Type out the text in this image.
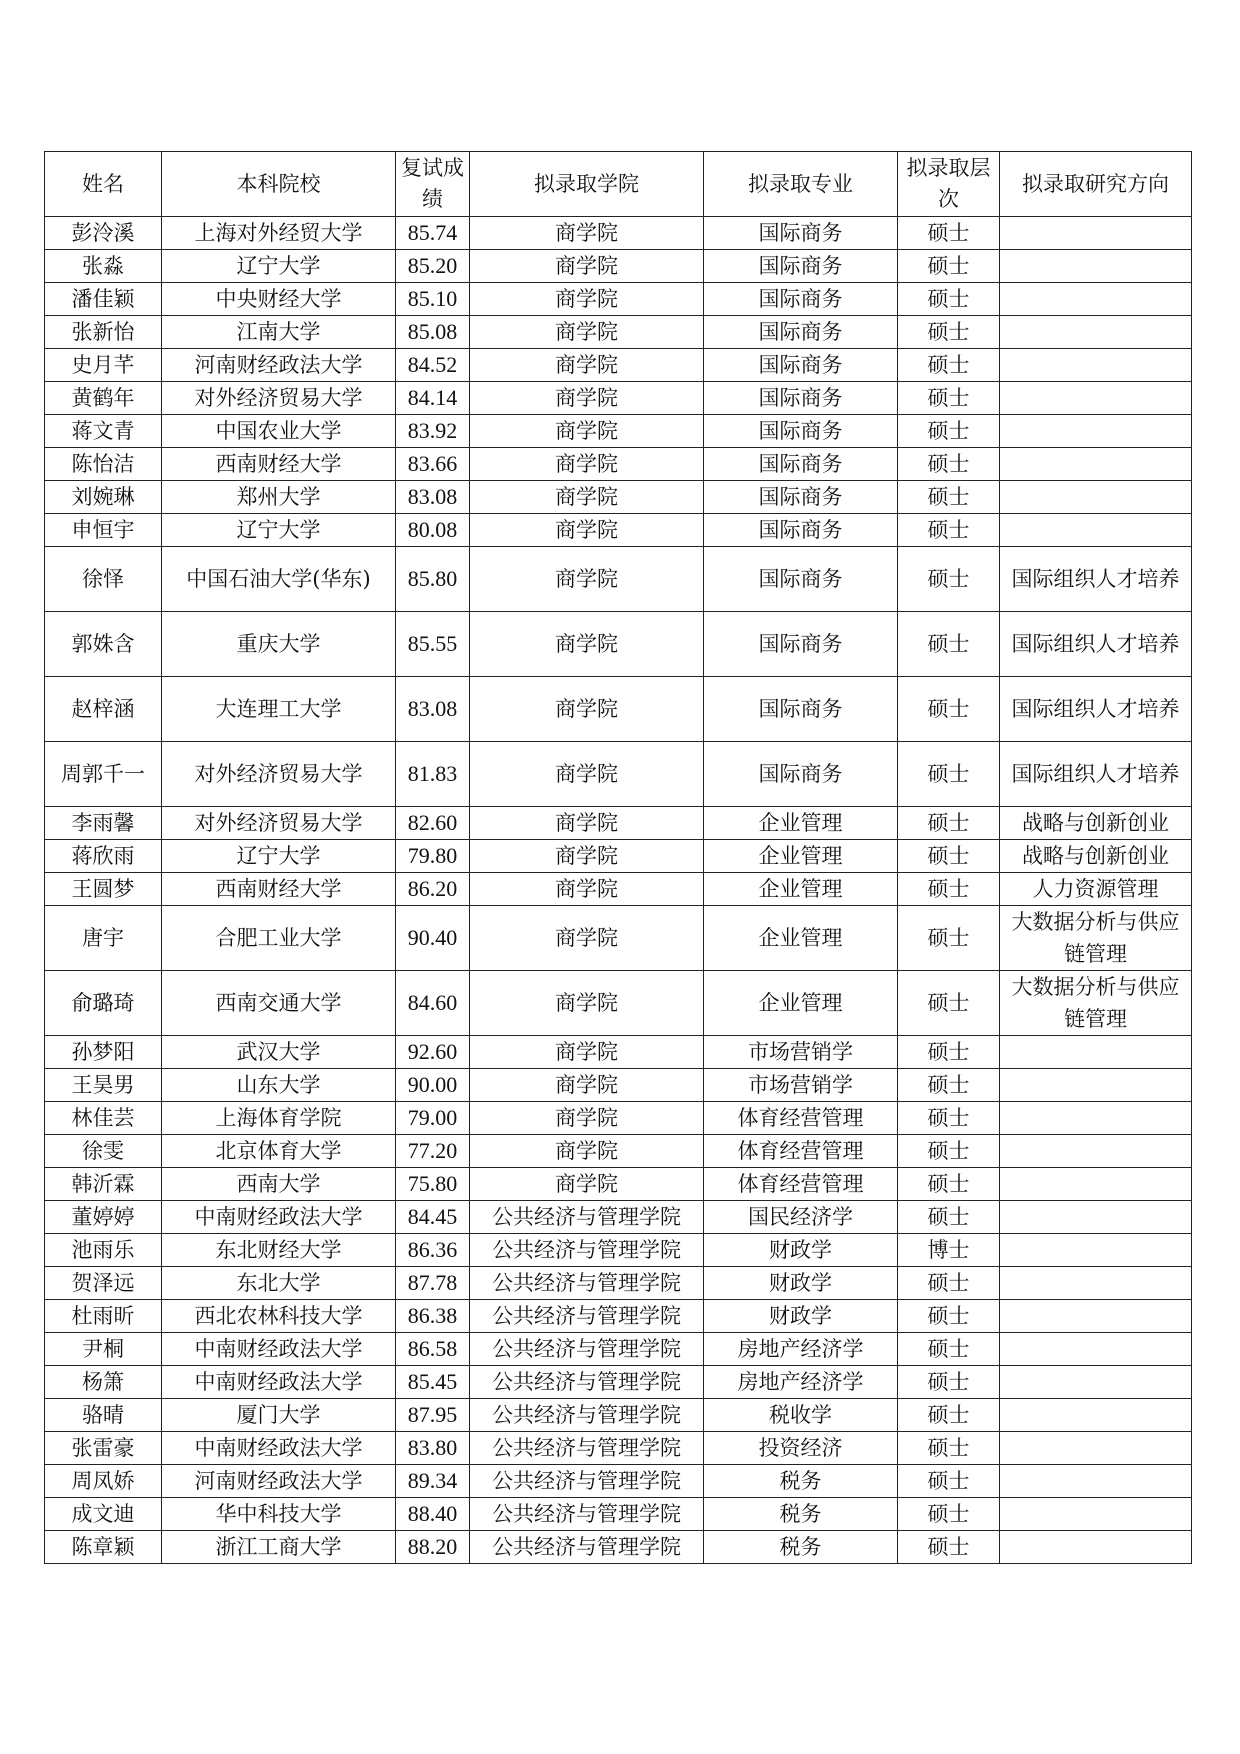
姓名	本科院校	复试成绩	拟录取学院	拟录取专业	拟录取层次	拟录取研究方向
彭泠溪	上海对外经贸大学	85.74	商学院	国际商务	硕士	
张淼	辽宁大学	85.20	商学院	国际商务	硕士	
潘佳颖	中央财经大学	85.10	商学院	国际商务	硕士	
张新怡	江南大学	85.08	商学院	国际商务	硕士	
史月芊	河南财经政法大学	84.52	商学院	国际商务	硕士	
黄鹤年	对外经济贸易大学	84.14	商学院	国际商务	硕士	
蒋文青	中国农业大学	83.92	商学院	国际商务	硕士	
陈怡洁	西南财经大学	83.66	商学院	国际商务	硕士	
刘婉琳	郑州大学	83.08	商学院	国际商务	硕士	
申恒宇	辽宁大学	80.08	商学院	国际商务	硕士	
徐怿	中国石油大学(华东)	85.80	商学院	国际商务	硕士	国际组织人才培养
郭姝含	重庆大学	85.55	商学院	国际商务	硕士	国际组织人才培养
赵梓涵	大连理工大学	83.08	商学院	国际商务	硕士	国际组织人才培养
周郭千一	对外经济贸易大学	81.83	商学院	国际商务	硕士	国际组织人才培养
李雨馨	对外经济贸易大学	82.60	商学院	企业管理	硕士	战略与创新创业
蒋欣雨	辽宁大学	79.80	商学院	企业管理	硕士	战略与创新创业
王圆梦	西南财经大学	86.20	商学院	企业管理	硕士	人力资源管理
唐宇	合肥工业大学	90.40	商学院	企业管理	硕士	大数据分析与供应链管理
俞璐琦	西南交通大学	84.60	商学院	企业管理	硕士	大数据分析与供应链管理
孙梦阳	武汉大学	92.60	商学院	市场营销学	硕士	
王昊男	山东大学	90.00	商学院	市场营销学	硕士	
林佳芸	上海体育学院	79.00	商学院	体育经营管理	硕士	
徐雯	北京体育大学	77.20	商学院	体育经营管理	硕士	
韩沂霖	西南大学	75.80	商学院	体育经营管理	硕士	
董婷婷	中南财经政法大学	84.45	公共经济与管理学院	国民经济学	硕士	
池雨乐	东北财经大学	86.36	公共经济与管理学院	财政学	博士	
贺泽远	东北大学	87.78	公共经济与管理学院	财政学	硕士	
杜雨昕	西北农林科技大学	86.38	公共经济与管理学院	财政学	硕士	
尹桐	中南财经政法大学	86.58	公共经济与管理学院	房地产经济学	硕士	
杨箫	中南财经政法大学	85.45	公共经济与管理学院	房地产经济学	硕士	
骆晴	厦门大学	87.95	公共经济与管理学院	税收学	硕士	
张雷豪	中南财经政法大学	83.80	公共经济与管理学院	投资经济	硕士	
周凤娇	河南财经政法大学	89.34	公共经济与管理学院	税务	硕士	
成文迪	华中科技大学	88.40	公共经济与管理学院	税务	硕士	
陈章颖	浙江工商大学	88.20	公共经济与管理学院	税务	硕士	
